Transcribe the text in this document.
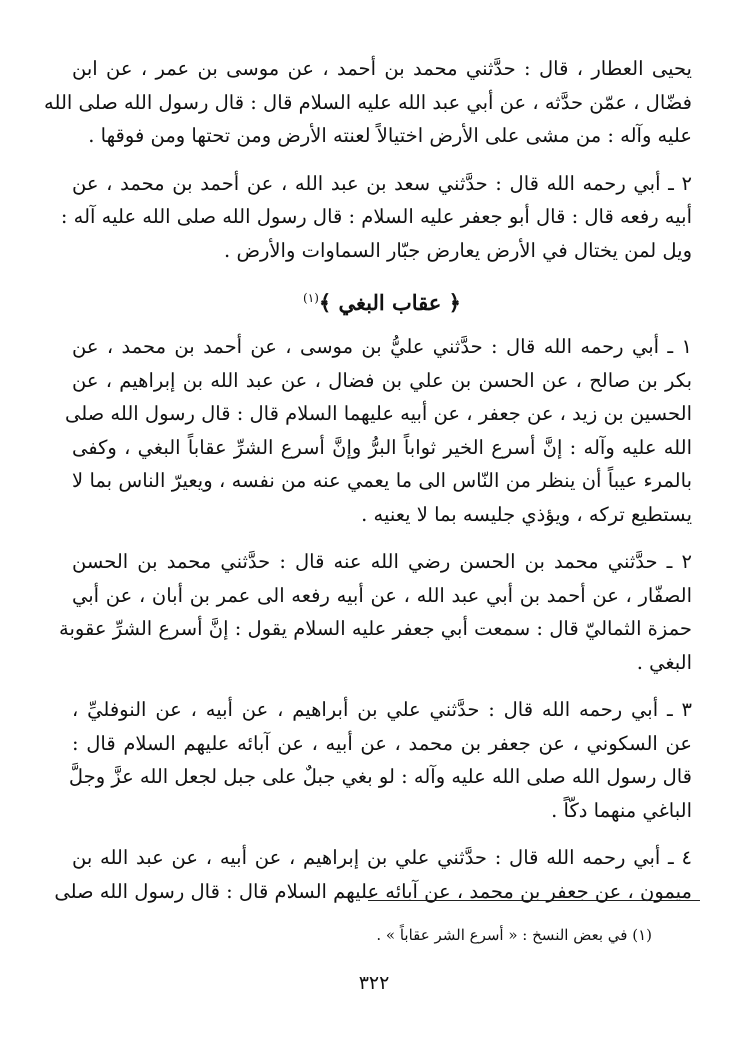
يحيى العطار ، قال : حدَّثني محمد بن أحمد ، عن موسى بن عمر ، عن ابن
فضّال ، عمّن حدَّثه ، عن أبي عبد الله عليه السلام قال : قال رسول الله صلى الله
عليه وآله : من مشى على الأرض اختيالاً لعنته الأرض ومن تحتها ومن فوقها .
٢ ـ أبي رحمه الله قال : حدَّثني سعد بن عبد الله ، عن أحمد بن محمد ، عن
أبيه رفعه قال : قال أبو جعفر عليه السلام : قال رسول الله صلى الله عليه آله :
ويل لمن يختال في الأرض يعارض جبّار السماوات والأرض .
﴿ عقاب البغي ﴾$^{(١)}$
١ ـ أبي رحمه الله قال : حدَّثني عليُّ بن موسى ، عن أحمد بن محمد ، عن
بكر بن صالح ، عن الحسن بن علي بن فضال ، عن عبد الله بن إبراهيم ، عن
الحسين بن زيد ، عن جعفر ، عن أبيه عليهما السلام قال : قال رسول الله صلى
الله عليه وآله : إنَّ أسرع الخير ثواباً البرُّ وإنَّ أسرع الشرِّ عقاباً البغي ، وكفى
بالمرء عيباً أن ينظر من النّاس الى ما يعمي عنه من نفسه ، ويعيرّ الناس بما لا
يستطيع تركه ، ويؤذي جليسه بما لا يعنيه .
٢ ـ حدَّثني محمد بن الحسن رضي الله عنه قال : حدَّثني محمد بن الحسن
الصفّار ، عن أحمد بن أبي عبد الله ، عن أبيه رفعه الى عمر بن أبان ، عن أبي
حمزة الثماليّ قال : سمعت أبي جعفر عليه السلام يقول : إنَّ أسرع الشرِّ عقوبة
البغي .
٣ ـ أبي رحمه الله قال : حدَّثني علي بن أبراهيم ، عن أبيه ، عن النوفليِّ ،
عن السكوني ، عن جعفر بن محمد ، عن أبيه ، عن آبائه عليهم السلام قال :
قال رسول الله صلى الله عليه وآله : لو بغي جبلٌ على جبل لجعل الله عزَّ وجلَّ
الباغي منهما دكّاً .
٤ ـ أبي رحمه الله قال : حدَّثني علي بن إبراهيم ، عن أبيه ، عن عبد الله بن
ميمون ، عن جعفر بن محمد ، عن آبائه عليهم السلام قال : قال رسول الله صلى
(١) في بعض النسخ : « أسرع الشر عقاباً » .
٣٢٢
